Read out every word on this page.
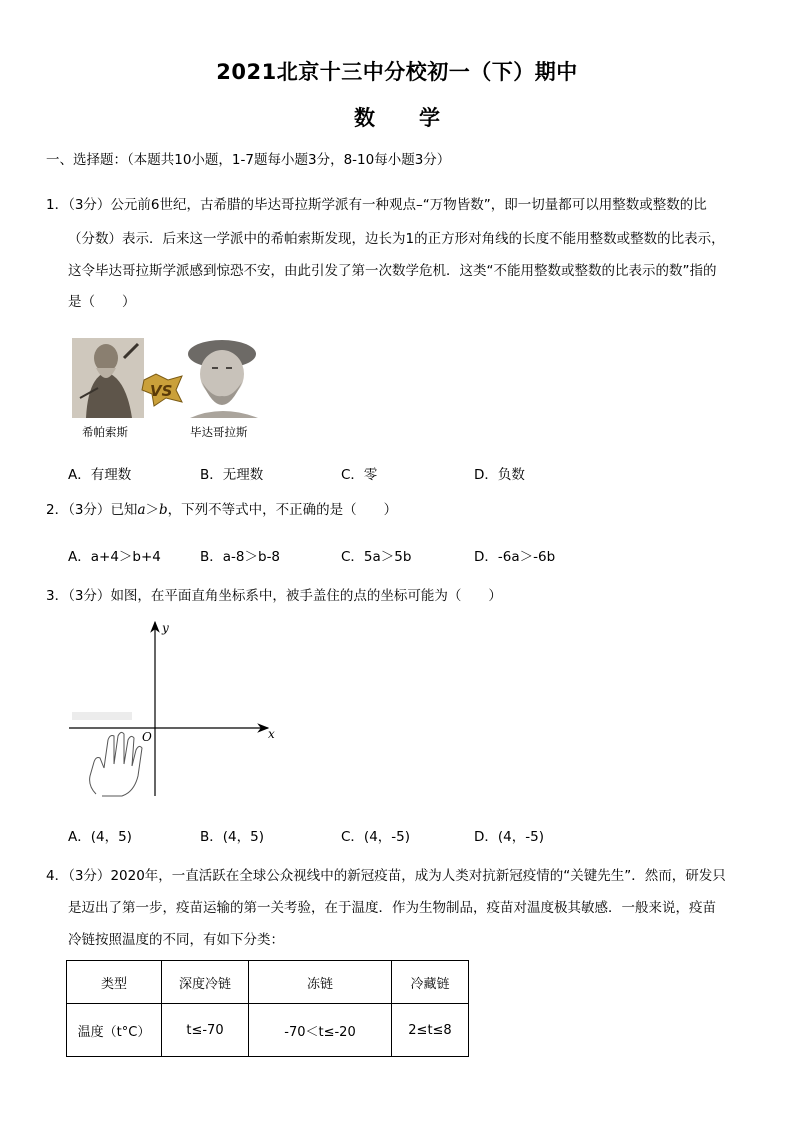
2021北京十三中分校初一（下）期中
数 学
一、选择题：（本题共10小题，1-7题每小题3分，8-10每小题3分）
1．（3分）公元前6世纪，古希腊的毕达哥拉斯学派有一种观点–“万物皆数”，即一切量都可以用整数或整数的比
（分数）表示．后来这一学派中的希帕索斯发现，边长为1的正方形对角线的长度不能用整数或整数的比表示，
这令毕达哥拉斯学派感到惊恐不安，由此引发了第一次数学危机．这类“不能用整数或整数的比表示的数”指的
是（　　）
VS
希帕索斯	毕达哥拉斯
A．有理数	B．无理数	C．零	D．负数
2．（3分）已知a＞b，下列不等式中，不正确的是（　　）
A．a+4＞b+4	B．a-8＞b-8	C．5a＞5b	D．-6a＞-6b
3．（3分）如图，在平面直角坐标系中，被手盖住的点的坐标可能为（　　）
y
x
O
A．(4，5)	B．(4，5)	C．(4，-5)	D．(4，-5)
4．（3分）2020年，一直活跃在全球公众视线中的新冠疫苗，成为人类对抗新冠疫情的“关键先生”．然而，研发只
是迈出了第一步，疫苗运输的第一关考验，在于温度．作为生物制品，疫苗对温度极其敏感．一般来说，疫苗
冷链按照温度的不同，有如下分类：
类型	深度冷链	冻链	冷藏链
温度（t°C）	t≤-70	-70＜t≤-20	2≤t≤8
